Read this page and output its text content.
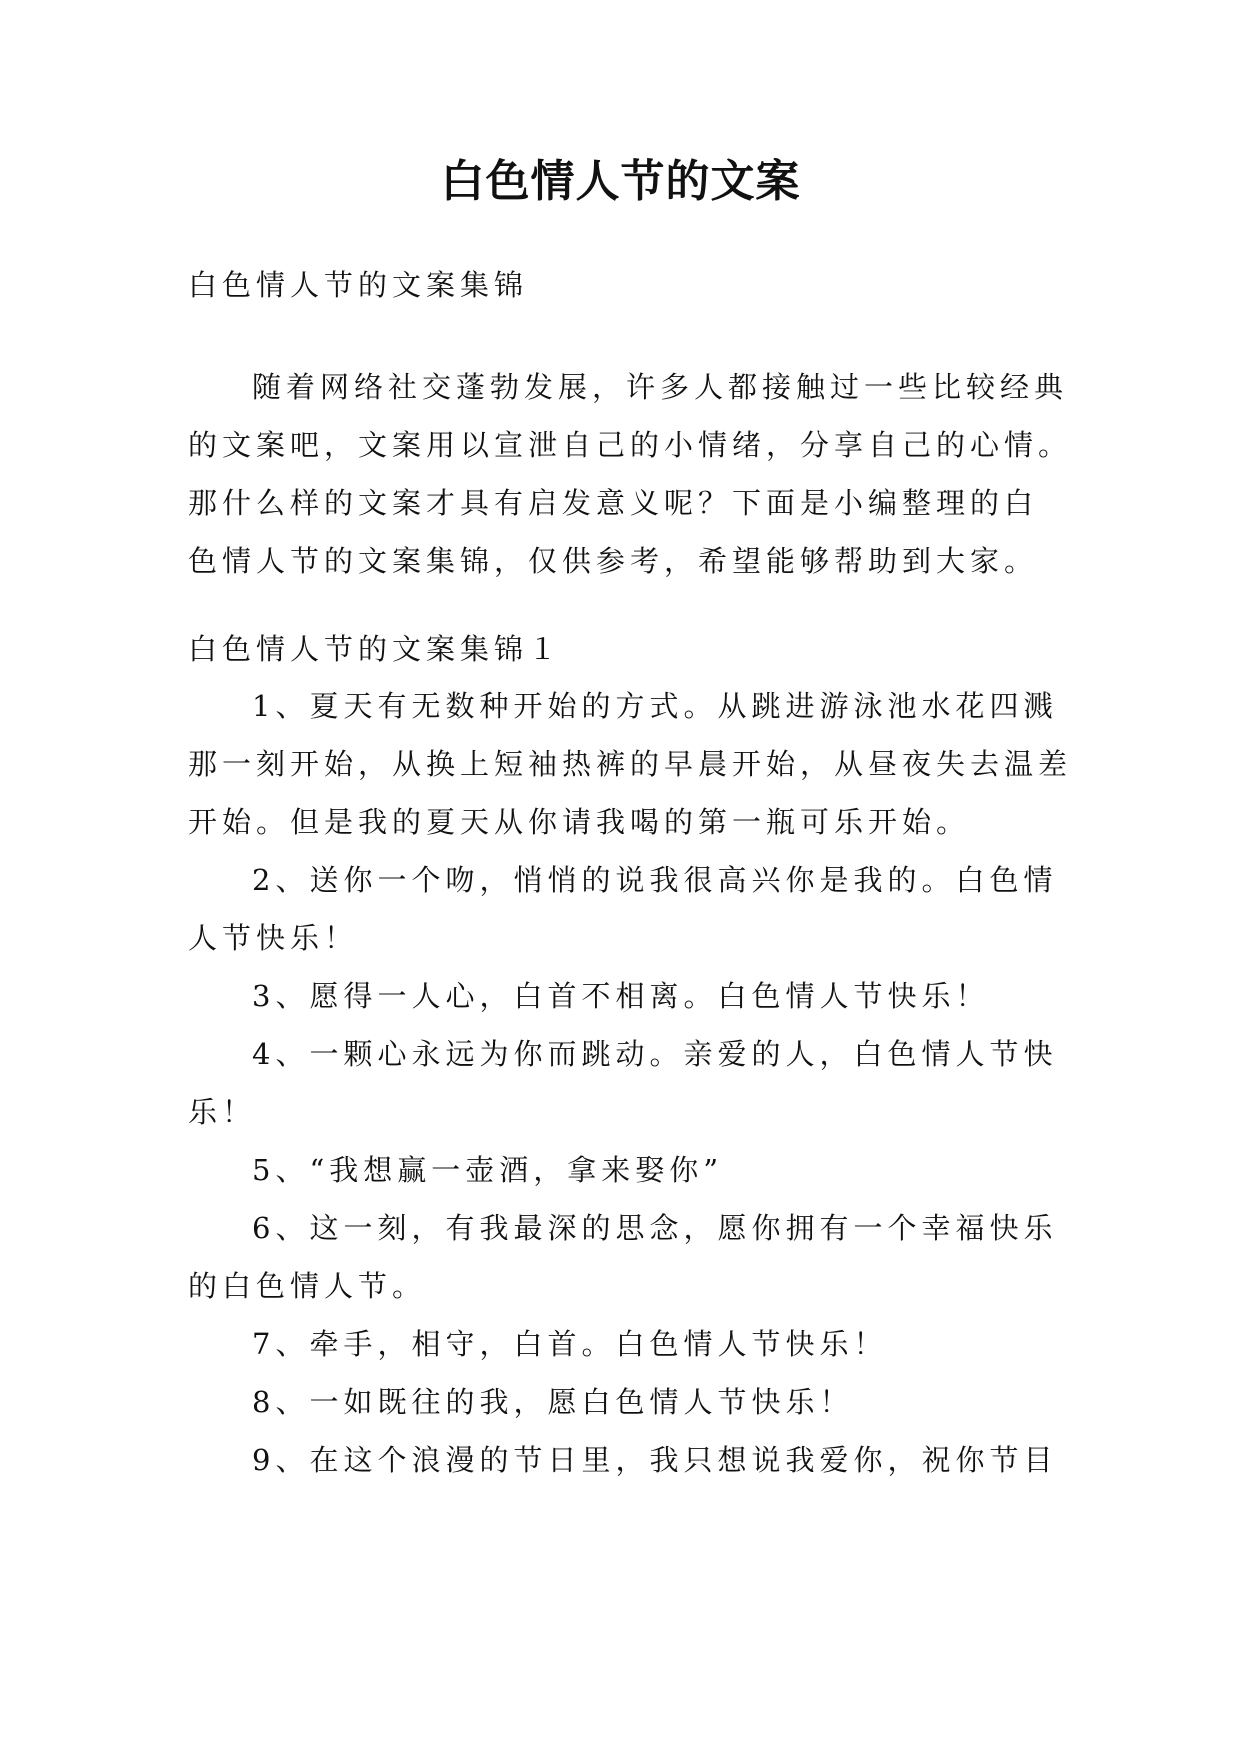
白色情人节的文案
白色情人节的文案集锦
随着网络社交蓬勃发展，许多人都接触过一些比较经典
的文案吧，文案用以宣泄自己的小情绪，分享自己的心情。
那什么样的文案才具有启发意义呢？下面是小编整理的白
色情人节的文案集锦，仅供参考，希望能够帮助到大家。
白色情人节的文案集锦１
1、夏天有无数种开始的方式。从跳进游泳池水花四溅
那一刻开始，从换上短袖热裤的早晨开始，从昼夜失去温差
开始。但是我的夏天从你请我喝的第一瓶可乐开始。
2、送你一个吻，悄悄的说我很高兴你是我的。白色情
人节快乐！
3、愿得一人心，白首不相离。白色情人节快乐！
4、一颗心永远为你而跳动。亲爱的人，白色情人节快
乐！
5、“我想赢一壶酒，拿来娶你”
6、这一刻，有我最深的思念，愿你拥有一个幸福快乐
的白色情人节。
7、牵手，相守，白首。白色情人节快乐！
8、一如既往的我，愿白色情人节快乐！
9、在这个浪漫的节日里，我只想说我爱你，祝你节目
